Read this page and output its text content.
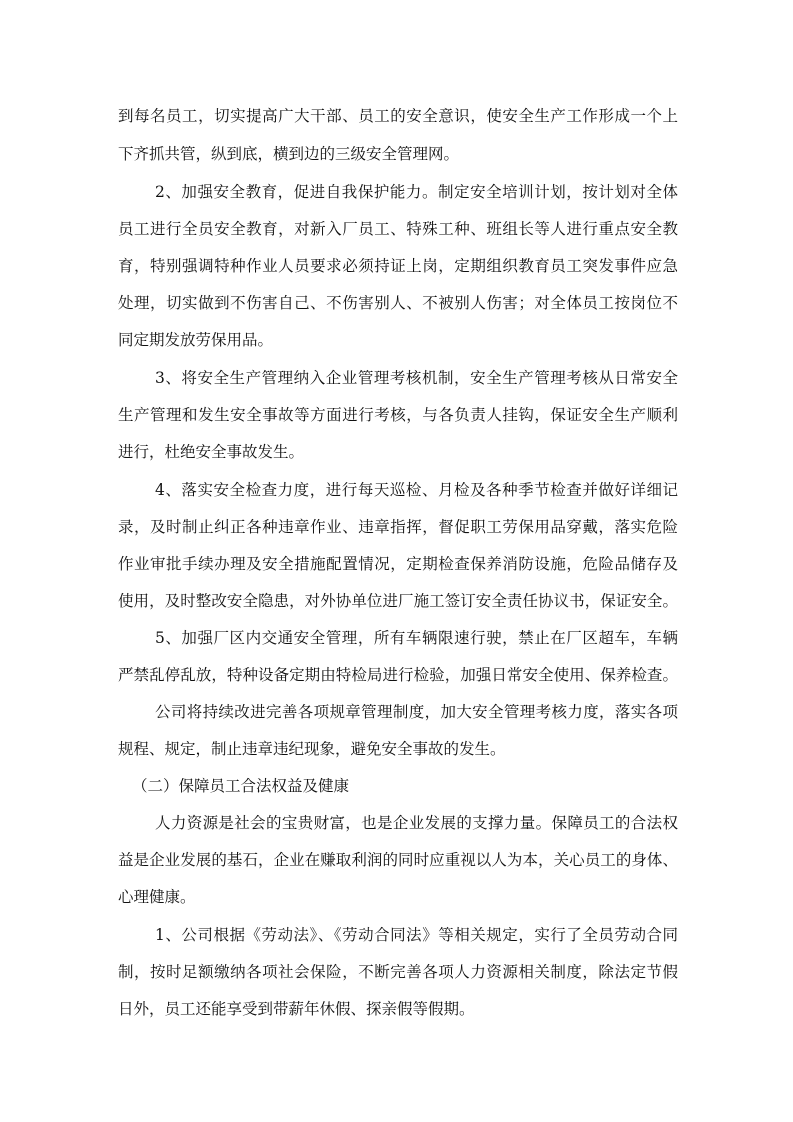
到每名员工，切实提高广大干部、员工的安全意识，使安全生产工作形成一个上
下齐抓共管，纵到底，横到边的三级安全管理网。
2、加强安全教育，促进自我保护能力。制定安全培训计划，按计划对全体
员工进行全员安全教育，对新入厂员工、特殊工种、班组长等人进行重点安全教
育，特别强调特种作业人员要求必须持证上岗，定期组织教育员工突发事件应急
处理，切实做到不伤害自己、不伤害别人、不被别人伤害；对全体员工按岗位不
同定期发放劳保用品。
3、将安全生产管理纳入企业管理考核机制，安全生产管理考核从日常安全
生产管理和发生安全事故等方面进行考核，与各负责人挂钩，保证安全生产顺利
进行，杜绝安全事故发生。
4、落实安全检查力度，进行每天巡检、月检及各种季节检查并做好详细记
录，及时制止纠正各种违章作业、违章指挥，督促职工劳保用品穿戴，落实危险
作业审批手续办理及安全措施配置情况，定期检查保养消防设施，危险品储存及
使用，及时整改安全隐患，对外协单位进厂施工签订安全责任协议书，保证安全。
5、加强厂区内交通安全管理，所有车辆限速行驶，禁止在厂区超车，车辆
严禁乱停乱放，特种设备定期由特检局进行检验，加强日常安全使用、保养检查。
公司将持续改进完善各项规章管理制度，加大安全管理考核力度，落实各项
规程、规定，制止违章违纪现象，避免安全事故的发生。
（二）保障员工合法权益及健康
人力资源是社会的宝贵财富，也是企业发展的支撑力量。保障员工的合法权
益是企业发展的基石，企业在赚取利润的同时应重视以人为本，关心员工的身体、
心理健康。
1、公司根据《劳动法》、《劳动合同法》等相关规定，实行了全员劳动合同
制，按时足额缴纳各项社会保险，不断完善各项人力资源相关制度，除法定节假
日外，员工还能享受到带薪年休假、探亲假等假期。
